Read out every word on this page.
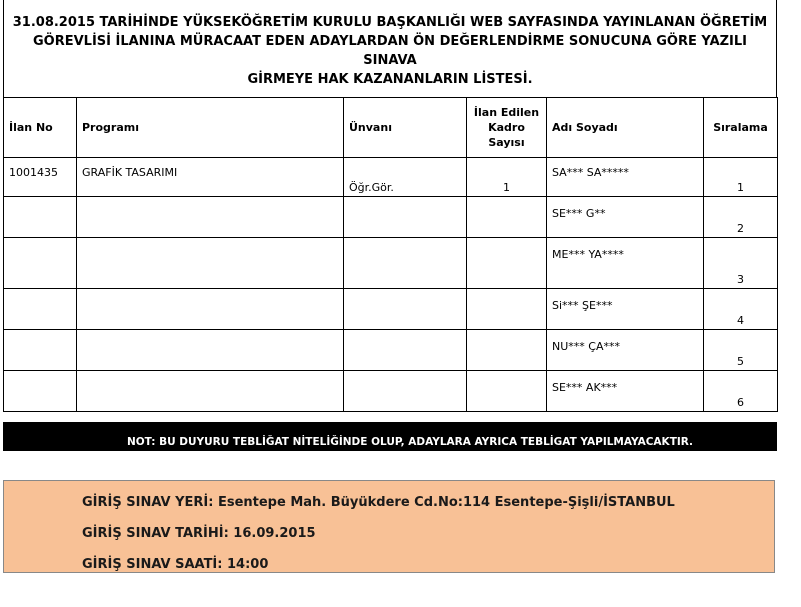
31.08.2015 TARİHİNDE YÜKSEKÖĞRETİM KURULU BAŞKANLIĞI WEB SAYFASINDA YAYINLANAN ÖĞRETİM
GÖREVLİSİ İLANINA MÜRACAAT EDEN ADAYLARDAN ÖN DEĞERLENDİRME SONUCUNA GÖRE YAZILI SINAVA
GİRMEYE HAK KAZANANLARIN LİSTESİ.
İlan No	Programı	Ünvanı	İlan Edilen Kadro Sayısı	Adı Soyadı	Sıralama
1001435	GRAFİK TASARIMI	Öğr.Gör.	1	SA*** SA*****	1
				SE*** G**	2
				ME*** YA****	3
				Si*** ŞE***	4
				NU*** ÇA***	5
				SE*** AK***	6
NOT: BU DUYURU TEBLİĞAT NİTELİĞİNDE OLUP, ADAYLARA AYRICA TEBLİGAT YAPILMAYACAKTIR.
GİRİŞ SINAV YERİ: Esentepe Mah. Büyükdere Cd.No:114 Esentepe-Şişli/İSTANBUL
GİRİŞ SINAV TARİHİ: 16.09.2015
GİRİŞ SINAV SAATİ: 14:00
